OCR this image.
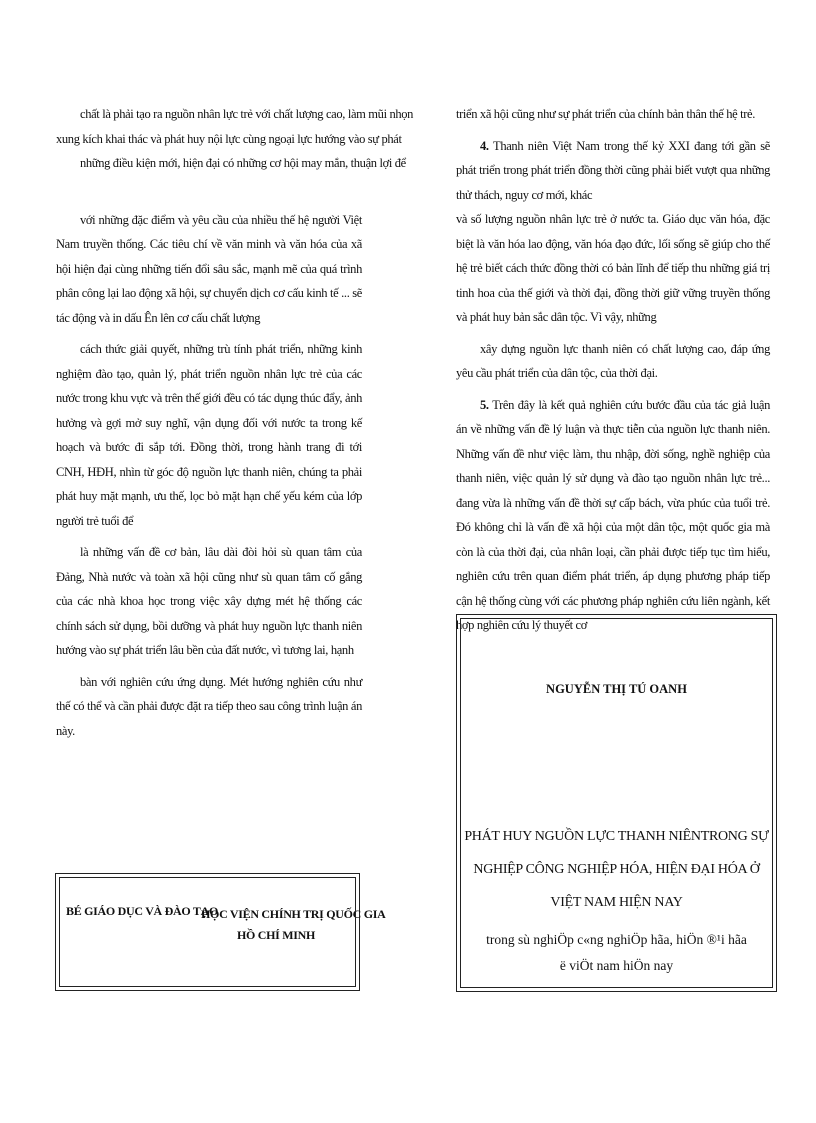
chất là phải tạo ra nguồn nhân lực trẻ với chất lượng cao, làm mũi nhọn
xung kích khai thác và phát huy nội lực cùng ngoại lực hướng vào sự phát
những điều kiện mới, hiện đại có những cơ hội may mắn, thuận lợi để

với những đặc điểm và yêu cầu của nhiều thế hệ người Việt Nam truyền thống. Các tiêu chí về văn minh và văn hóa của xã hội hiện đại cùng những tiến đổi sâu sắc, mạnh mẽ của quá trình phân công lại lao động xã hội, sự chuyển dịch cơ cấu kinh tế ... sẽ tác động và in dấu Ên lên cơ cấu chất lượng

cách thức giải quyết, những trù tính phát triển, những kinh nghiệm đào tạo, quản lý, phát triển nguồn nhân lực trẻ của các nước trong khu vực và trên thế giới đều có tác dụng thúc đẩy, ảnh hưởng và gợi mở suy nghĩ, vận dụng đối với nước ta trong kế hoạch và bước đi sắp tới. Đồng thời, trong hành trang đi tới CNH, HĐH, nhìn từ góc độ nguồn lực thanh niên, chúng ta phải phát huy mặt mạnh, ưu thế, lọc bỏ mặt hạn chế yếu kém của lớp người trẻ tuổi để

là những vấn đề cơ bản, lâu dài đòi hỏi sù quan tâm của Đảng, Nhà nước và toàn xã hội cũng như sù quan tâm cố gắng của các nhà khoa học trong việc xây dựng mét hệ thống các chính sách sử dụng, bồi dưỡng và phát huy nguồn lực thanh niên hướng vào sự phát triển lâu bền của đất nước, vì tương lai, hạnh

bàn với nghiên cứu ứng dụng. Mét hướng nghiên cứu như thế có thể và cần phải được đặt ra tiếp theo sau công trình luận án này.

triển xã hội cũng như sự phát triển của chính bản thân thế hệ trẻ.

4. Thanh niên Việt Nam trong thế kỷ XXI đang tới gần sẽ phát triển trong phát triển đồng thời cũng phải biết vượt qua những thử thách, nguy cơ mới, khác

và số lượng nguồn nhân lực trẻ ở nước ta. Giáo dục văn hóa, đặc biệt là văn hóa lao động, văn hóa đạo đức, lối sống sẽ giúp cho thế hệ trẻ biết cách thức đồng thời có bản lĩnh để tiếp thu những giá trị tinh hoa của thế giới và thời đại, đồng thời giữ vững truyền thống và phát huy bản sắc dân tộc. Vì vậy, những

xây dựng nguồn lực thanh niên có chất lượng cao, đáp ứng yêu cầu phát triển của dân tộc, của thời đại.

5. Trên đây là kết quả nghiên cứu bước đầu của tác giả luận án về những vấn đề lý luận và thực tiễn của nguồn lực thanh niên. Những vấn đề như việc làm, thu nhập, đời sống, nghề nghiệp của thanh niên, việc quản lý sử dụng và đào tạo nguồn nhân lực trẻ... đang vừa là những vấn đề thời sự cấp bách, vừa phúc của tuổi trẻ. Đó không chỉ là vấn đề xã hội của một dân tộc, một quốc gia mà còn là của thời đại, của nhân loại, cần phải được tiếp tục tìm hiểu, nghiên cứu trên quan điểm phát triển, áp dụng phương pháp tiếp cận hệ thống cùng với các phương pháp nghiên cứu liên ngành, kết hợp nghiên cứu lý thuyết cơ

BÉ GIÁO DỤC VÀ ĐÀO TẠO
HỌC VIỆN CHÍNH TRỊ QUỐC GIA
HỒ CHÍ MINH
NGUYỄN THỊ TÚ OANH
PHÁT HUY NGUỒN LỰC THANH NIÊNTRONG SỰ
NGHIỆP CÔNG NGHIỆP HÓA, HIỆN ĐẠI HÓA Ở
VIỆT NAM HIỆN NAY
trong sù nghiÖp c«ng nghiÖp hãa, hiÖn ®¹i hãa
ë viÖt nam hiÖn nay
